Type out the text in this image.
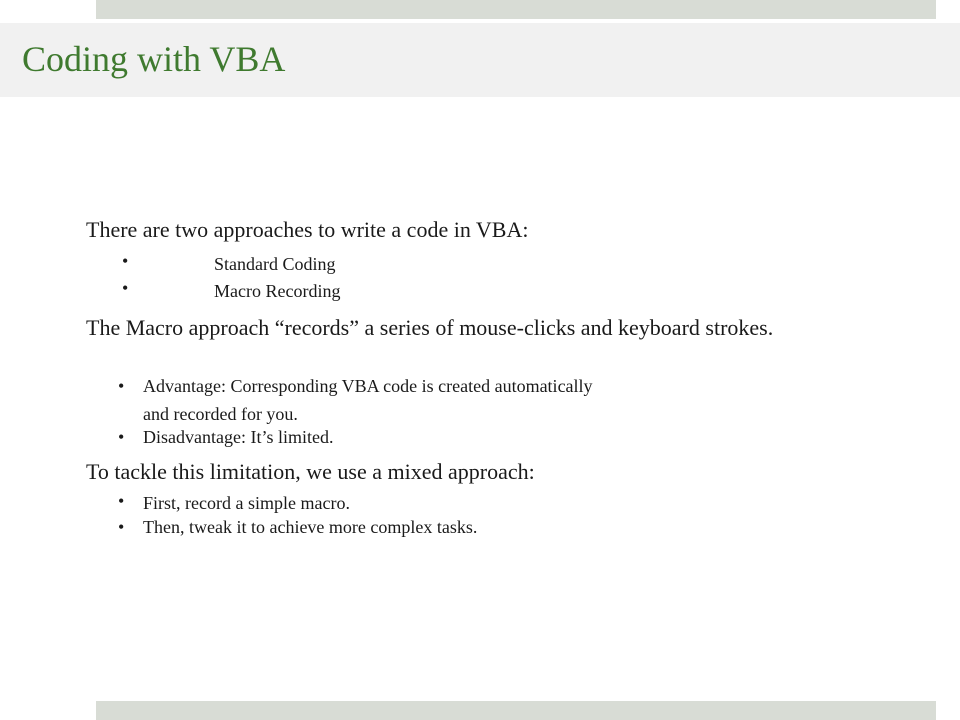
Coding with VBA
There are two approaches to write a code in VBA:
•	Standard Coding
•	Macro Recording
The Macro approach “records” a series of mouse-clicks and keyboard strokes.
• Advantage: Corresponding VBA code is created automatically
and recorded for you.
• Disadvantage: It’s limited.
To tackle this limitation, we use a mixed approach:
• First, record a simple macro.
• Then, tweak it to achieve more complex tasks.
